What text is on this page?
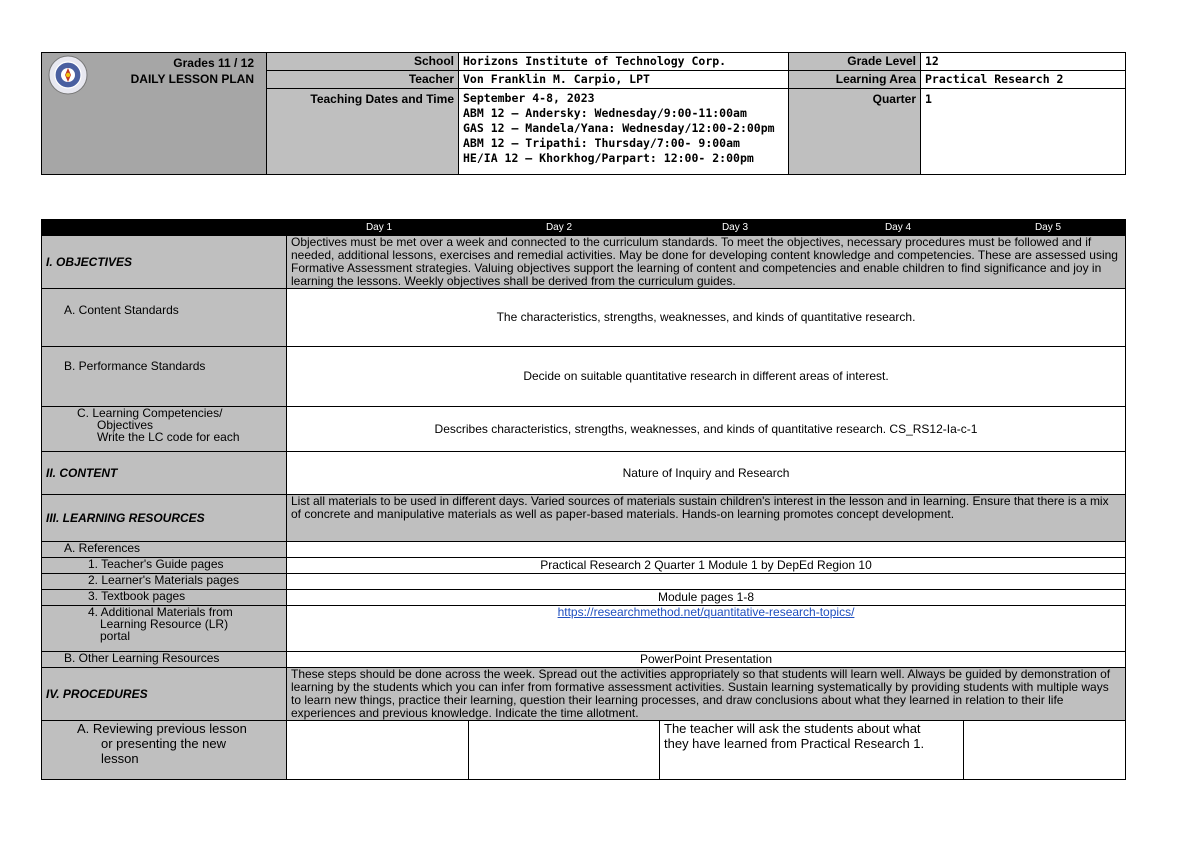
Grades 11 / 12
DAILY LESSON PLAN	School	Horizons Institute of Technology Corp.	Grade Level	12
	Teacher	Von Franklin M. Carpio, LPT	Learning Area	Practical Research 2
	Teaching Dates and Time	September 4-8, 2023
ABM 12 – Andersky: Wednesday/9:00-11:00am
GAS 12 – Mandela/Yana: Wednesday/12:00-2:00pm
ABM 12 – Tripathi: Thursday/7:00- 9:00am
HE/IA 12 – Khorkhog/Parpart: 12:00- 2:00pm	Quarter	1

	Day 1 Day 2 Day 3 Day 4 Day 5			

I. OBJECTIVES	Objectives must be met over a week and connected to the curriculum standards. To meet the objectives, necessary procedures must be followed and if needed, additional lessons, exercises and remedial activities. May be done for developing content knowledge and competencies. These are assessed using Formative Assessment strategies. Valuing objectives support the learning of content and competencies and enable children to find significance and joy in learning the lessons. Weekly objectives shall be derived from the curriculum guides.			
A. Content Standards	The characteristics, strengths, weaknesses, and kinds of quantitative research.			
B. Performance Standards	Decide on suitable quantitative research in different areas of interest.			

C. Learning Competencies/
Objectives
Write the LC code for each	Describes characteristics, strengths, weaknesses, and kinds of quantitative research. CS_RS12-Ia-c-1			
II. CONTENT	Nature of Inquiry and Research			
III. LEARNING RESOURCES	List all materials to be used in different days. Varied sources of materials sustain children's interest in the lesson and in learning. Ensure that there is a mix of concrete and manipulative materials as well as paper-based materials. Hands-on learning promotes concept development.			
A. References				
1. Teacher's Guide pages	Practical Research 2 Quarter 1 Module 1 by DepEd Region 10			
2. Learner's Materials pages				
3. Textbook pages	Module pages 1-8			

4. Additional Materials from
Learning Resource (LR)
portal	https://researchmethod.net/quantitative-research-topics/			
B. Other Learning Resources	PowerPoint Presentation			
IV. PROCEDURES	These steps should be done across the week. Spread out the activities appropriately so that students will learn well. Always be guided by demonstration of learning by the students which you can infer from formative assessment activities. Sustain learning systematically by providing students with multiple ways to learn new things, practice their learning, question their learning processes, and draw conclusions about what they learned in relation to their life experiences and previous knowledge. Indicate the time allotment.			

A. Reviewing previous lesson
or presenting the new
lesson			The teacher will ask the students about what they have learned from Practical Research 1.	
